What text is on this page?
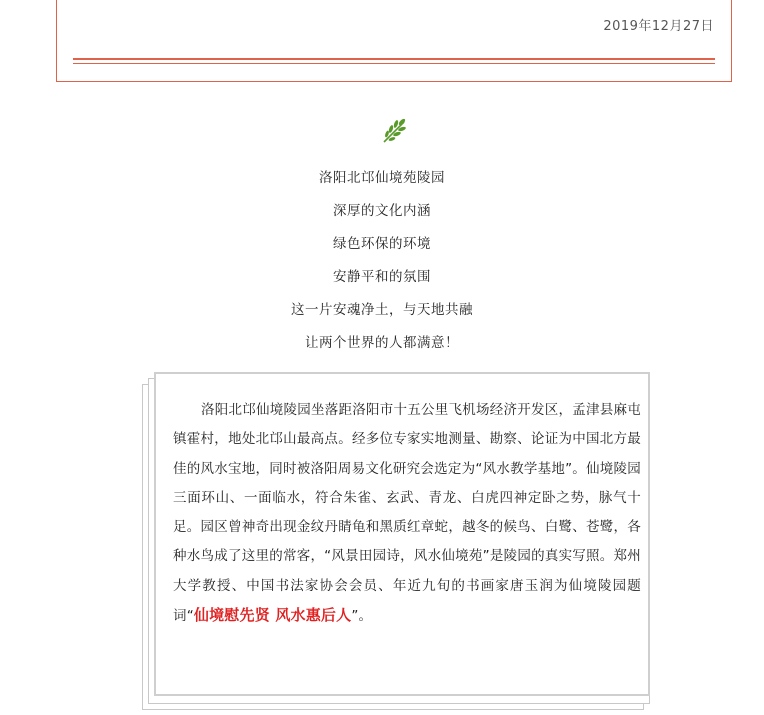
2019年12月27日
洛阳北邙仙境苑陵园
深厚的文化内涵
绿色环保的环境
安静平和的氛围
这一片安魂净土，与天地共融
让两个世界的人都满意！
洛阳北邙仙境陵园坐落距洛阳市十五公里飞机场经济开发区，孟津县麻屯镇霍村，地处北邙山最高点。经多位专家实地测量、勘察、论证为中国北方最佳的风水宝地，同时被洛阳周易文化研究会选定为“风水教学基地”。仙境陵园三面环山、一面临水，符合朱雀、玄武、青龙、白虎四神定卧之势，脉气十足。园区曾神奇出现金纹丹睛龟和黑质红章蛇，越冬的候鸟、白鹭、苍鹭，各种水鸟成了这里的常客，“风景田园诗，风水仙境苑”是陵园的真实写照。郑州大学教授、中国书法家协会会员、年近九旬的书画家唐玉润为仙境陵园题词“仙境慰先贤 风水惠后人”。
